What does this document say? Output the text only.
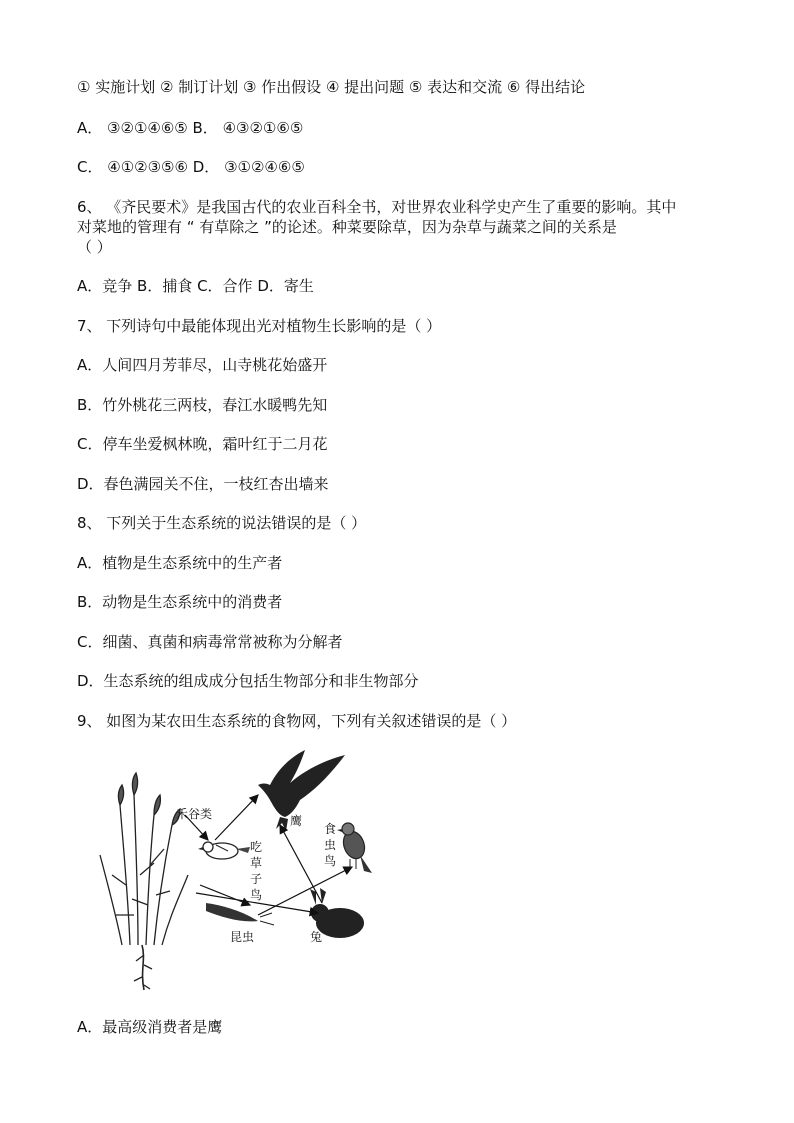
① 实施计划 ② 制订计划 ③ 作出假设 ④ 提出问题 ⑤ 表达和交流 ⑥ 得出结论
A． ③②①④⑥⑤ B． ④③②①⑥⑤
C． ④①②③⑤⑥ D． ③①②④⑥⑤
6、 《齐民要术》是我国古代的农业百科全书，对世界农业科学史产生了重要的影响。其中
对菜地的管理有 “ 有草除之 ”的论述。种菜要除草，因为杂草与蔬菜之间的关系是
（ ）
A．竞争 B．捕食 C．合作 D．寄生
7、 下列诗句中最能体现出光对植物生长影响的是（ ）
A．人间四月芳菲尽，山寺桃花始盛开
B．竹外桃花三两枝，春江水暖鸭先知
C．停车坐爱枫林晚，霜叶红于二月花
D．春色满园关不住，一枝红杏出墙来
8、 下列关于生态系统的说法错误的是（ ）
A．植物是生态系统中的生产者
B．动物是生态系统中的消费者
C．细菌、真菌和病毒常常被称为分解者
D．生态系统的组成成分包括生物部分和非生物部分
9、 如图为某农田生态系统的食物网，下列有关叙述错误的是（ ）
禾谷类	鹰
吃
草
子
鸟
食
虫
鸟
昆虫	兔
A．最高级消费者是鹰
